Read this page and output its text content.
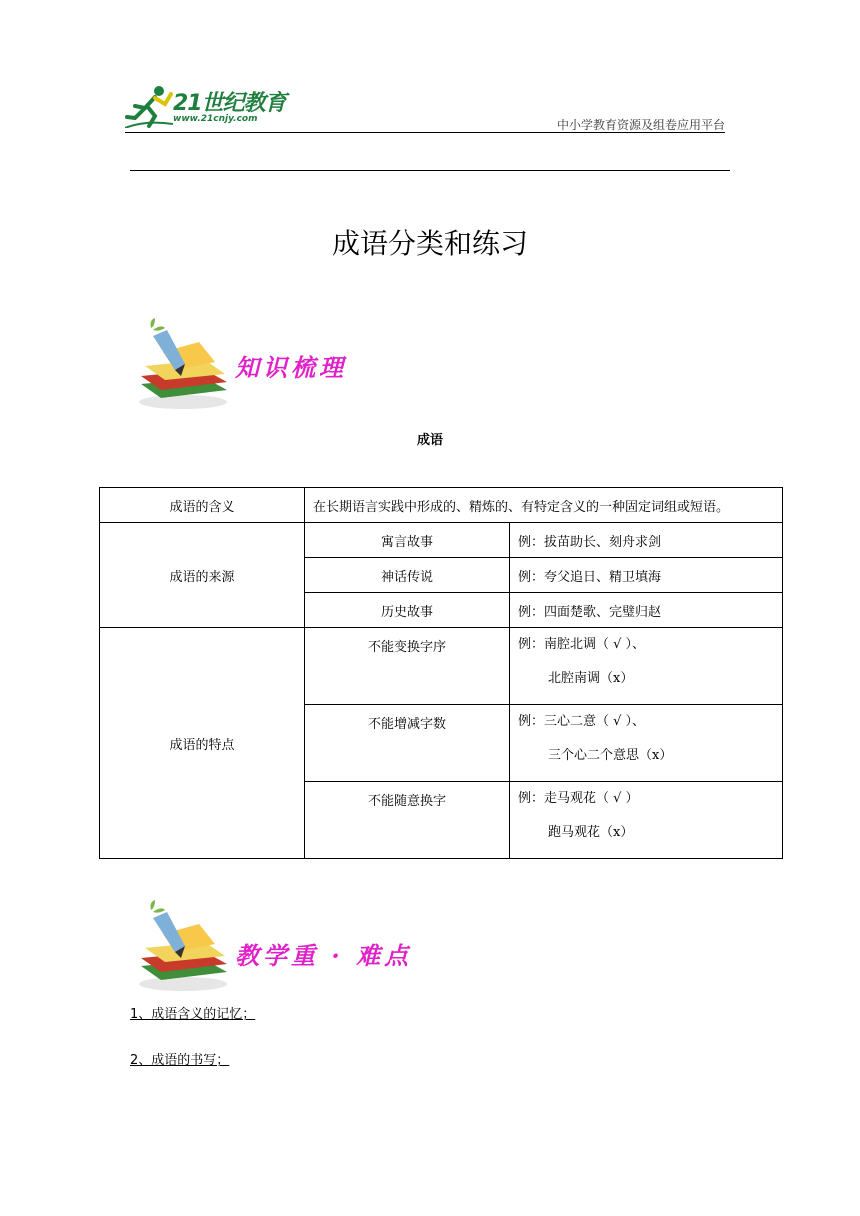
21世纪教育
www.21cnjy.com	中小学教育资源及组卷应用平台
成语分类和练习
知识梳理
成语
成语的含义	在长期语言实践中形成的、精炼的、有特定含义的一种固定词组或短语。	
成语的来源	寓言故事	例：拔苗助长、刻舟求剑
	神话传说	例：夸父追日、精卫填海
	历史故事	例：四面楚歌、完璧归赵
成语的特点	不能变换字序	例：南腔北调（ √ ）、
北腔南调（x）

	不能增减字数	例：三心二意（ √ ）、
三个心二个意思（x）

	不能随意换字	例：走马观花（ √ ）
跑马观花（x）
教学重 · 难点
1、成语含义的记忆；
2、成语的书写；
